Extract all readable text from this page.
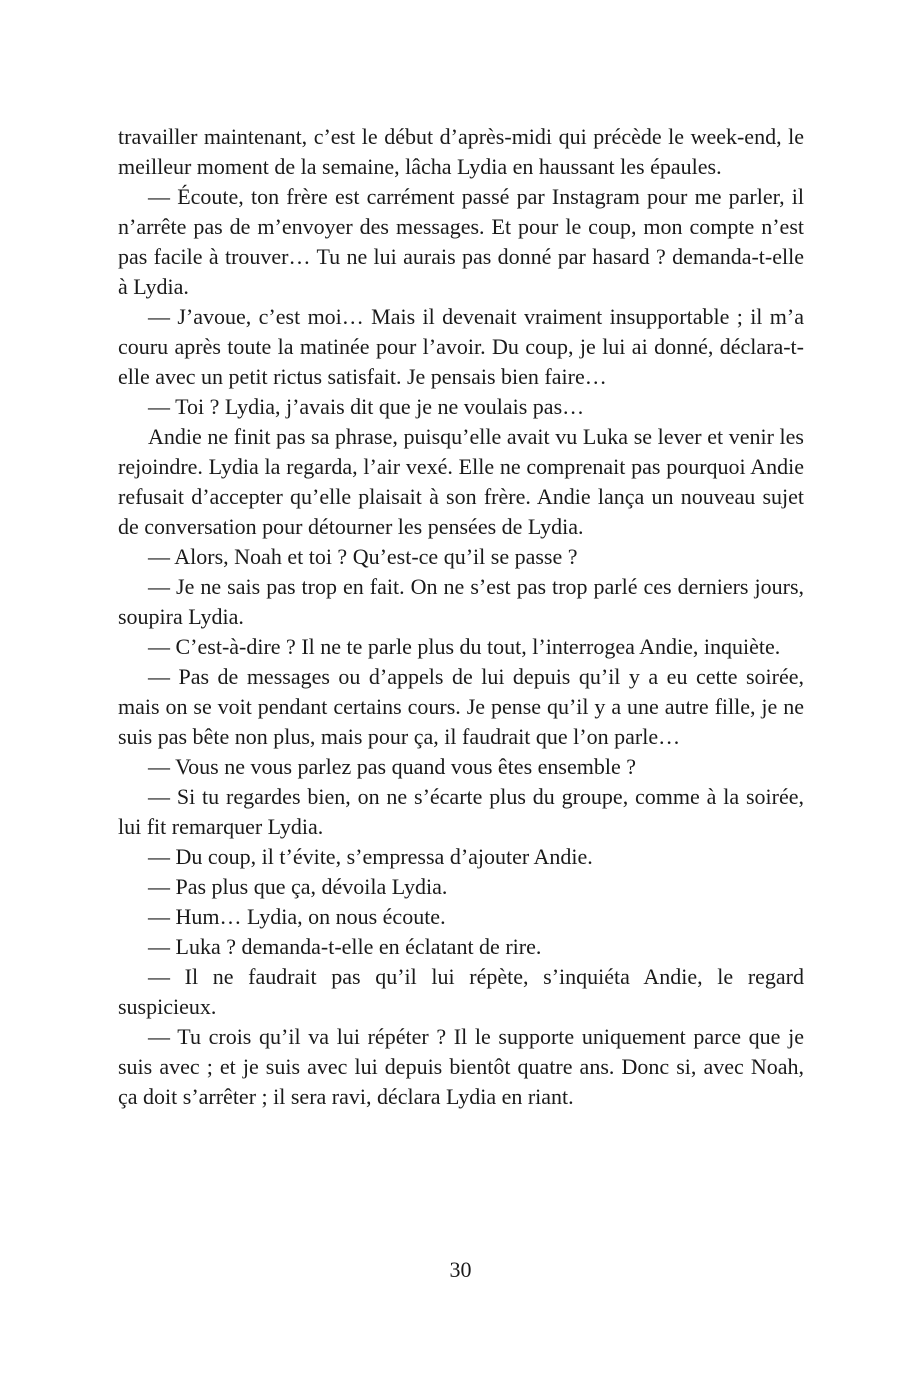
travailler maintenant, c’est le début d’après-midi qui précède le week-end, le meilleur moment de la semaine, lâcha Lydia en haussant les épaules.

— Écoute, ton frère est carrément passé par Instagram pour me parler, il n’arrête pas de m’envoyer des messages. Et pour le coup, mon compte n’est pas facile à trouver… Tu ne lui aurais pas donné par hasard ? demanda-t-elle à Lydia.

— J’avoue, c’est moi… Mais il devenait vraiment insupportable ; il m’a couru après toute la matinée pour l’avoir. Du coup, je lui ai donné, déclara-t-elle avec un petit rictus satisfait. Je pensais bien faire…

— Toi ? Lydia, j’avais dit que je ne voulais pas…

Andie ne finit pas sa phrase, puisqu’elle avait vu Luka se lever et venir les rejoindre. Lydia la regarda, l’air vexé. Elle ne comprenait pas pourquoi Andie refusait d’accepter qu’elle plaisait à son frère. Andie lança un nouveau sujet de conversation pour détourner les pensées de Lydia.

— Alors, Noah et toi ? Qu’est-ce qu’il se passe ?

— Je ne sais pas trop en fait. On ne s’est pas trop parlé ces derniers jours, soupira Lydia.

— C’est-à-dire ? Il ne te parle plus du tout, l’interrogea Andie, inquiète.

— Pas de messages ou d’appels de lui depuis qu’il y a eu cette soirée, mais on se voit pendant certains cours. Je pense qu’il y a une autre fille, je ne suis pas bête non plus, mais pour ça, il faudrait que l’on parle…

— Vous ne vous parlez pas quand vous êtes ensemble ?

— Si tu regardes bien, on ne s’écarte plus du groupe, comme à la soirée, lui fit remarquer Lydia.

— Du coup, il t’évite, s’empressa d’ajouter Andie.

— Pas plus que ça, dévoila Lydia.

— Hum… Lydia, on nous écoute.

— Luka ? demanda-t-elle en éclatant de rire.

— Il ne faudrait pas qu’il lui répète, s’inquiéta Andie, le regard suspicieux.

— Tu crois qu’il va lui répéter ? Il le supporte uniquement parce que je suis avec ; et je suis avec lui depuis bientôt quatre ans. Donc si, avec Noah, ça doit s’arrêter ; il sera ravi, déclara Lydia en riant.

30
